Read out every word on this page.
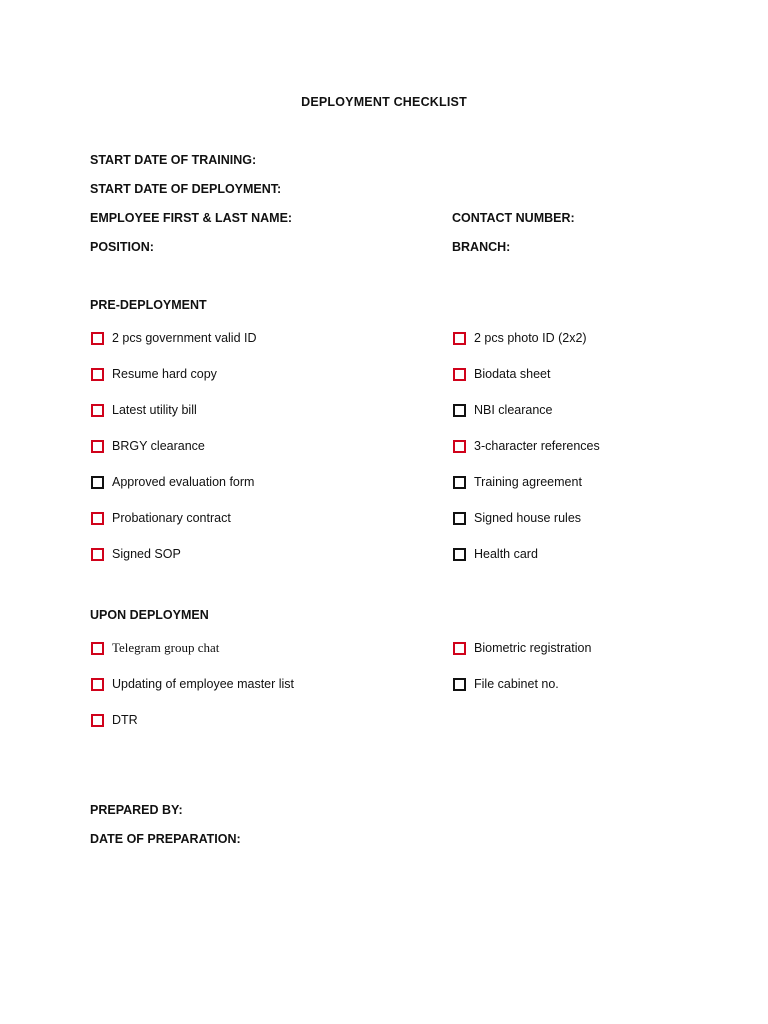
DEPLOYMENT CHECKLIST
START DATE OF TRAINING:
START DATE OF DEPLOYMENT:
EMPLOYEE FIRST & LAST NAME:	CONTACT NUMBER:
POSITION:	BRANCH:
PRE-DEPLOYMENT
2 pcs government valid ID
Resume hard copy
Latest utility bill
BRGY clearance
Approved evaluation form
Probationary contract
Signed SOP
2 pcs photo ID (2x2)
Biodata sheet
NBI clearance
3-character references
Training agreement
Signed house rules
Health card
UPON DEPLOYMEN
Telegram group chat
Updating of employee master list
DTR
Biometric registration
File cabinet no.
PREPARED BY:
DATE OF PREPARATION:
